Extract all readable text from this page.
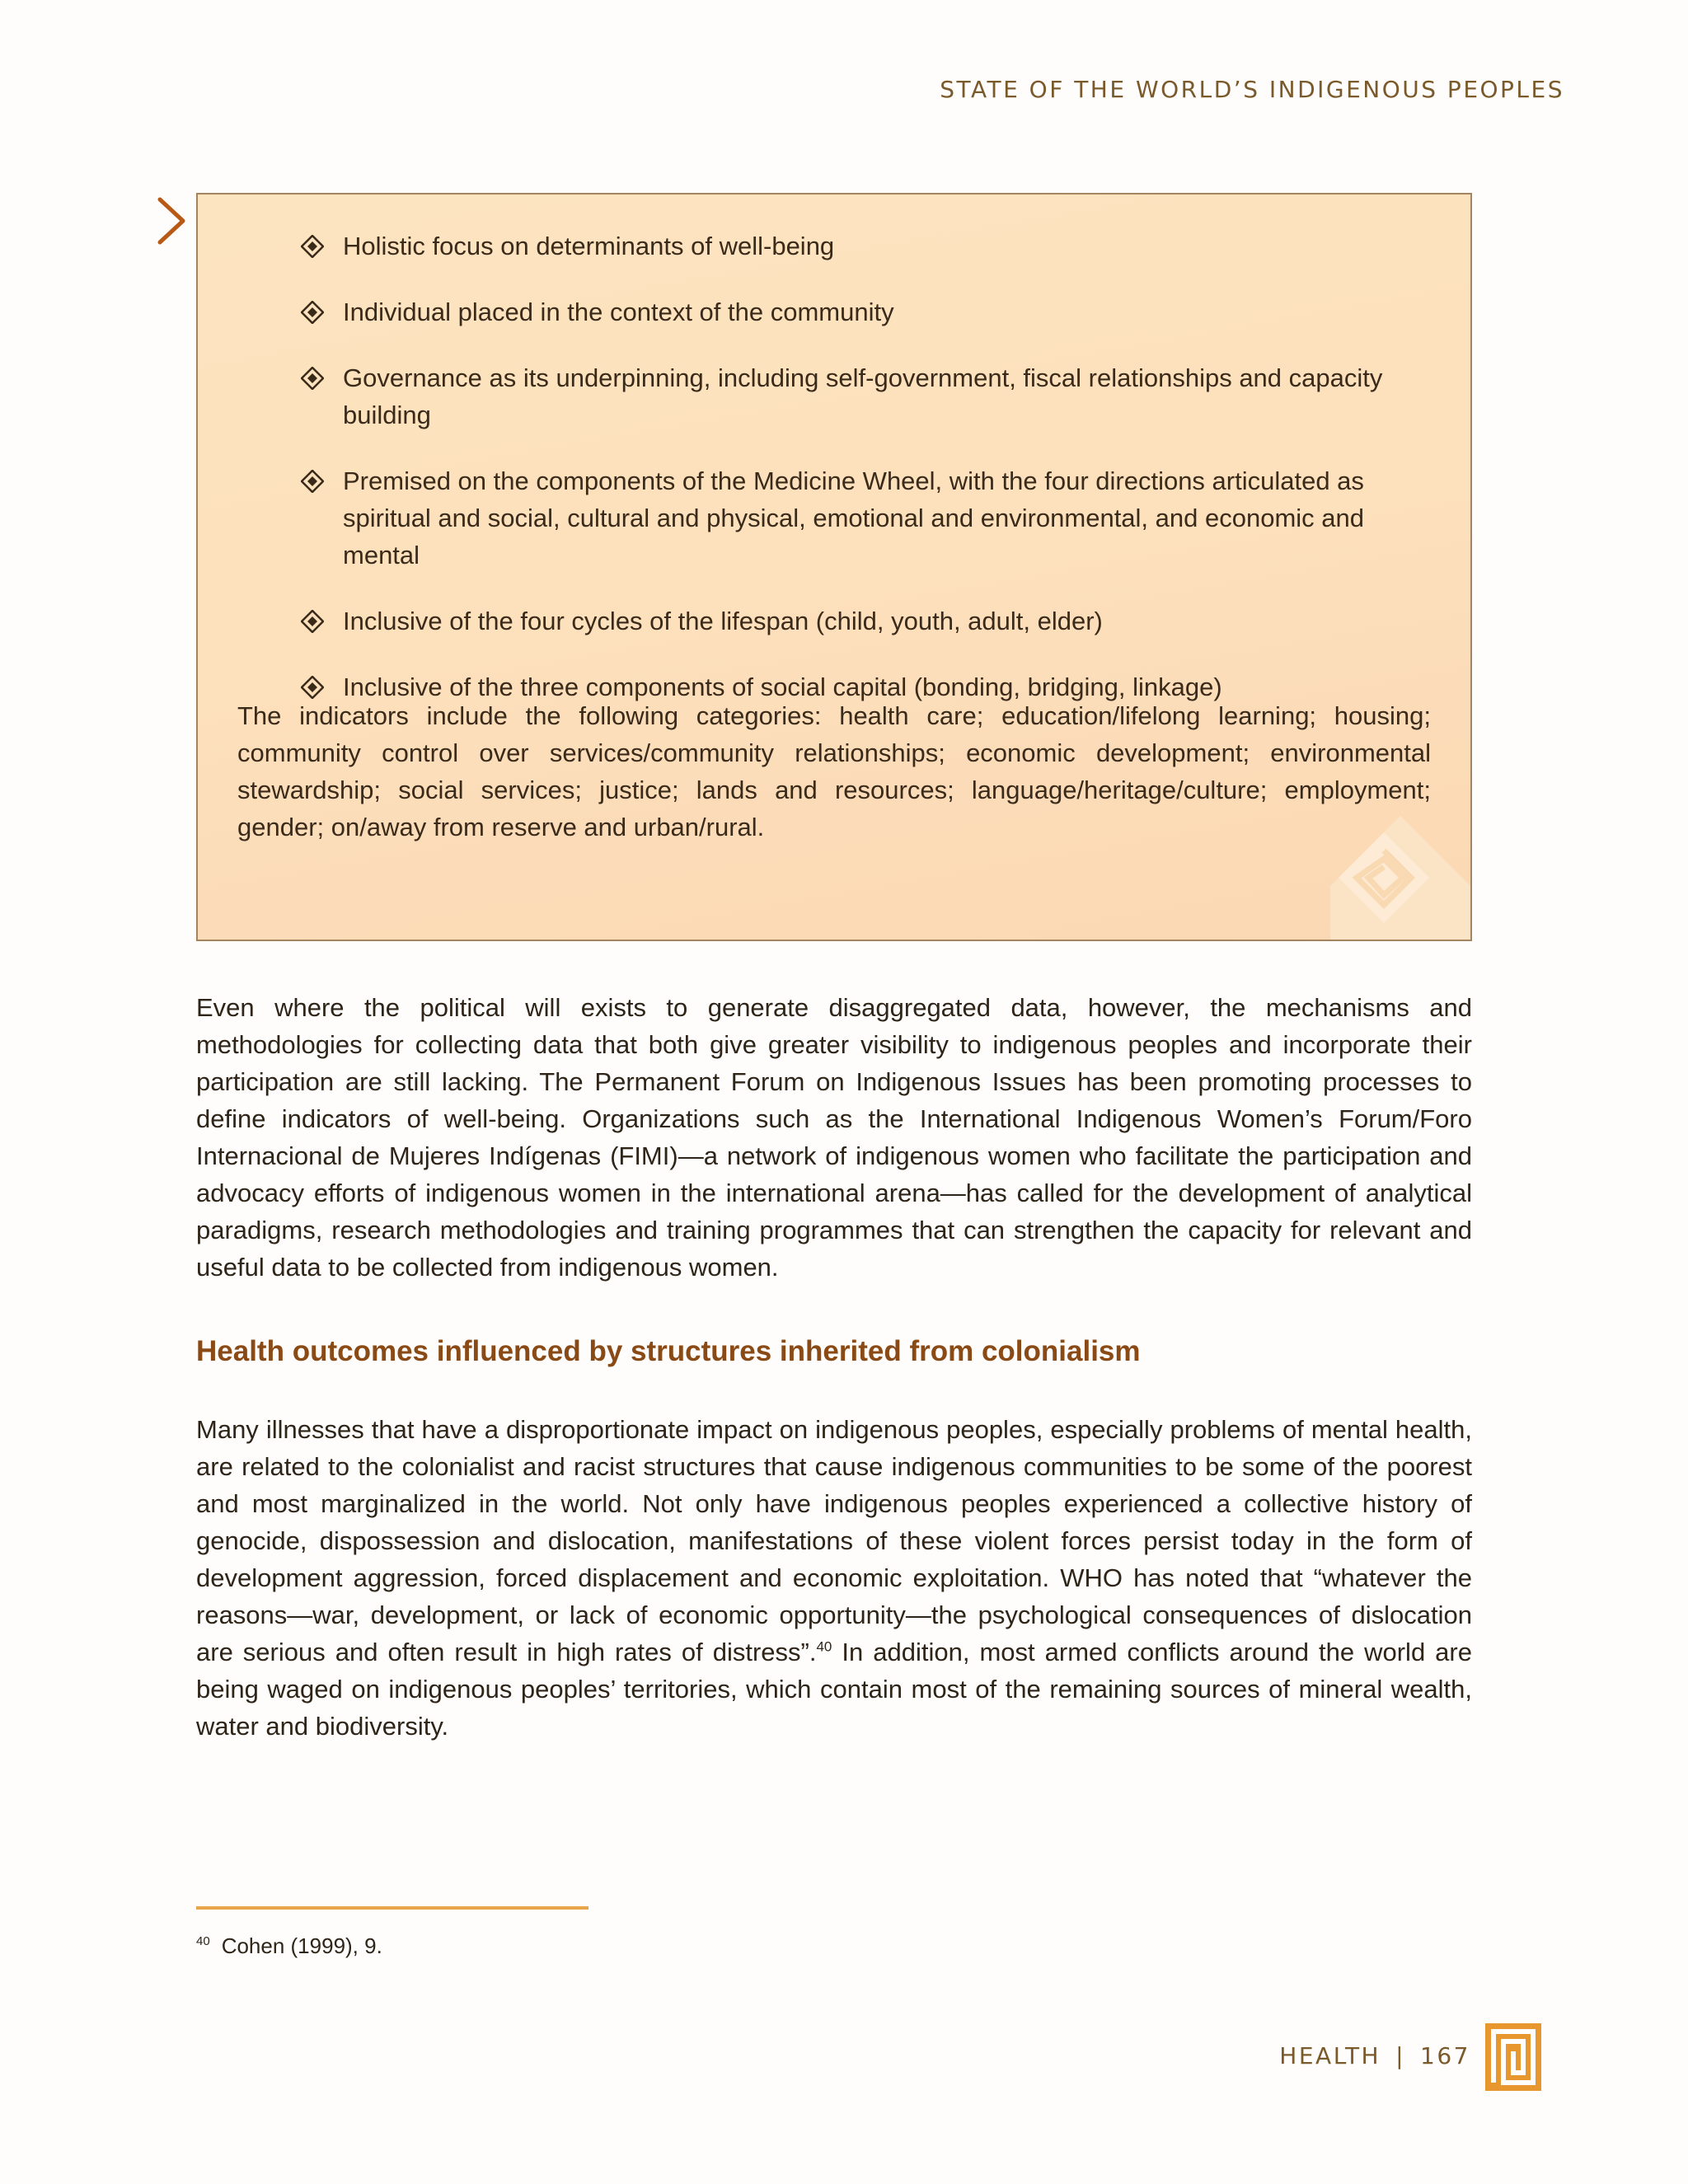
STATE OF THE WORLD’S INDIGENOUS PEOPLES
Holistic focus on determinants of well-being
Individual placed in the context of the community
Governance as its underpinning, including self-government, fiscal relationships and capacity building
Premised on the components of the Medicine Wheel, with the four directions articulated as spiritual and social, cultural and physical, emotional and environmental, and economic and mental
Inclusive of the four cycles of the lifespan (child, youth, adult, elder)
Inclusive of the three components of social capital (bonding, bridging, linkage)

The indicators include the following categories: health care; education/lifelong learning; housing; community control over services/community relationships; economic development; environmental stewardship; social services; justice; lands and resources; language/heritage/culture; employment; gender; on/away from reserve and urban/rural.

Even where the political will exists to generate disaggregated data, however, the mechanisms and methodologies for collecting data that both give greater visibility to indigenous peoples and incorporate their participation are still lacking. The Permanent Forum on Indigenous Issues has been promoting processes to define indicators of well-being. Organizations such as the International Indigenous Women’s Forum/Foro Internacional de Mujeres Indígenas (FIMI)—a network of indigenous women who facilitate the participation and advocacy efforts of indigenous women in the international arena—has called for the development of analytical paradigms, research methodologies and training programmes that can strengthen the capacity for relevant and useful data to be collected from indigenous women.

Health outcomes influenced by structures inherited from colonialism

Many illnesses that have a disproportionate impact on indigenous peoples, especially problems of mental health, are related to the colonialist and racist structures that cause indigenous communities to be some of the poorest and most marginalized in the world. Not only have indigenous peoples experienced a collective history of genocide, dispossession and dislocation, manifestations of these violent forces persist today in the form of development aggression, forced displacement and economic exploitation. WHO has noted that “whatever the reasons—war, development, or lack of economic opportunity—the psychological consequences of dislocation are serious and often result in high rates of distress”.$^{40}$ In addition, most armed conflicts around the world are being waged on indigenous peoples’ territories, which contain most of the remaining sources of mineral wealth, water and biodiversity.

$^{40}$ Cohen (1999), 9.

HEALTH | 167
